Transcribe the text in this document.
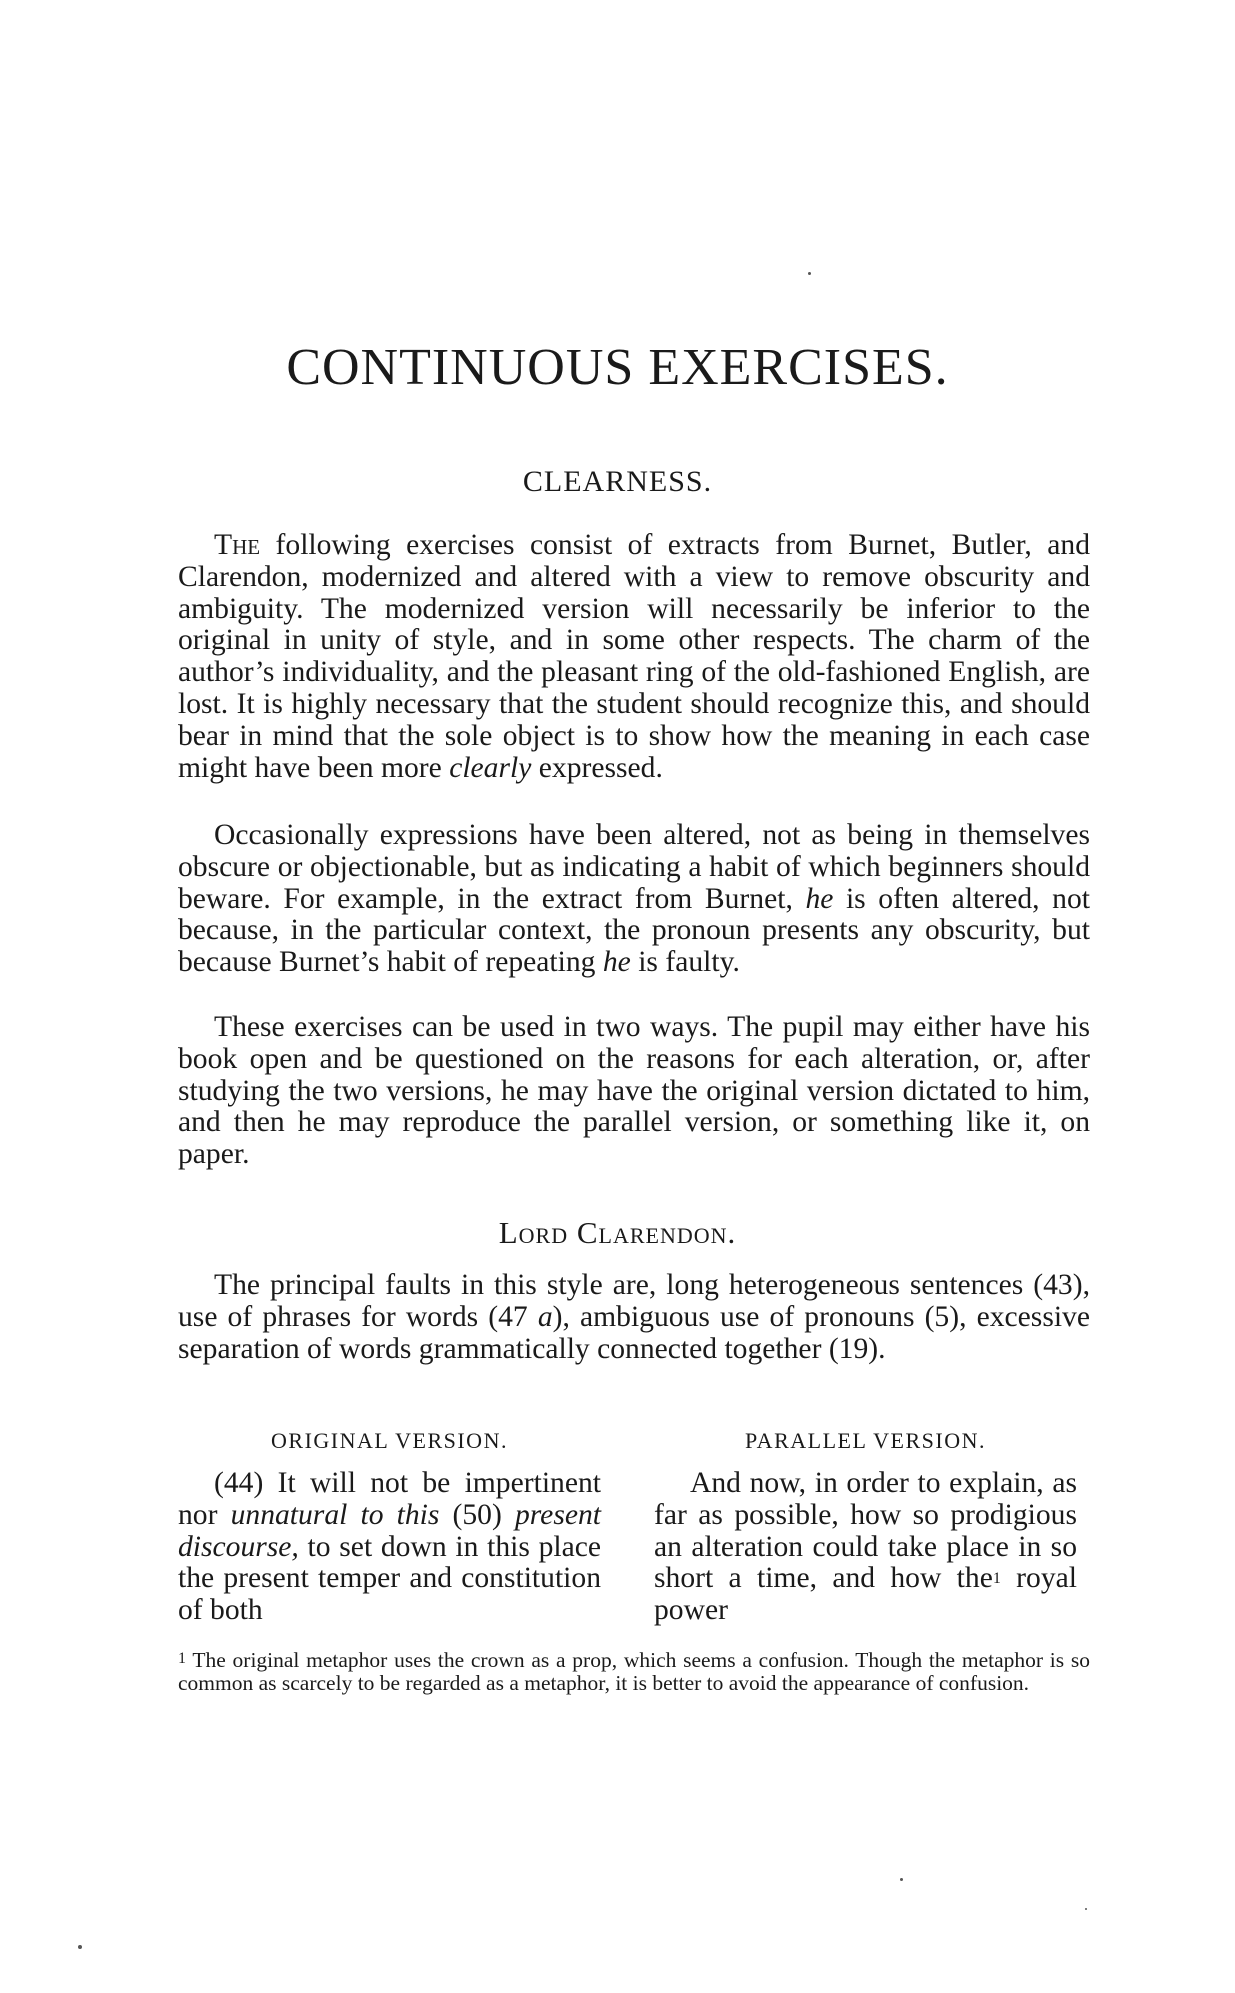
CONTINUOUS EXERCISES.
CLEARNESS.

The following exercises consist of extracts from Burnet, Butler, and Clarendon, modernized and altered with a view to remove obscurity and ambiguity. The modernized version will necessarily be inferior to the original in unity of style, and in some other respects. The charm of the author’s individuality, and the pleasant ring of the old-fashioned English, are lost. It is highly necessary that the student should recognize this, and should bear in mind that the sole object is to show how the meaning in each case might have been more clearly expressed.

Occasionally expressions have been altered, not as being in themselves obscure or objectionable, but as indicating a habit of which beginners should beware. For example, in the extract from Burnet, he is often altered, not because, in the particular context, the pronoun presents any obscurity, but because Burnet’s habit of repeating he is faulty.

These exercises can be used in two ways. The pupil may either have his book open and be questioned on the reasons for each alteration, or, after studying the two versions, he may have the original version dictated to him, and then he may reproduce the parallel version, or something like it, on paper.

Lord Clarendon.

The principal faults in this style are, long heterogeneous sentences (43), use of phrases for words (47 a), ambiguous use of pronouns (5), excessive separation of words grammatically connected together (19).

ORIGINAL VERSION.

(44) It will not be impertinent nor unnatural to this (50) present discourse, to set down in this place the present temper and constitution of both

PARALLEL VERSION.

And now, in order to explain, as far as possible, how so prodigious an alteration could take place in so short a time, and how the1 royal power

1 The original metaphor uses the crown as a prop, which seems a confusion. Though the metaphor is so common as scarcely to be regarded as a metaphor, it is better to avoid the appearance of confusion.
